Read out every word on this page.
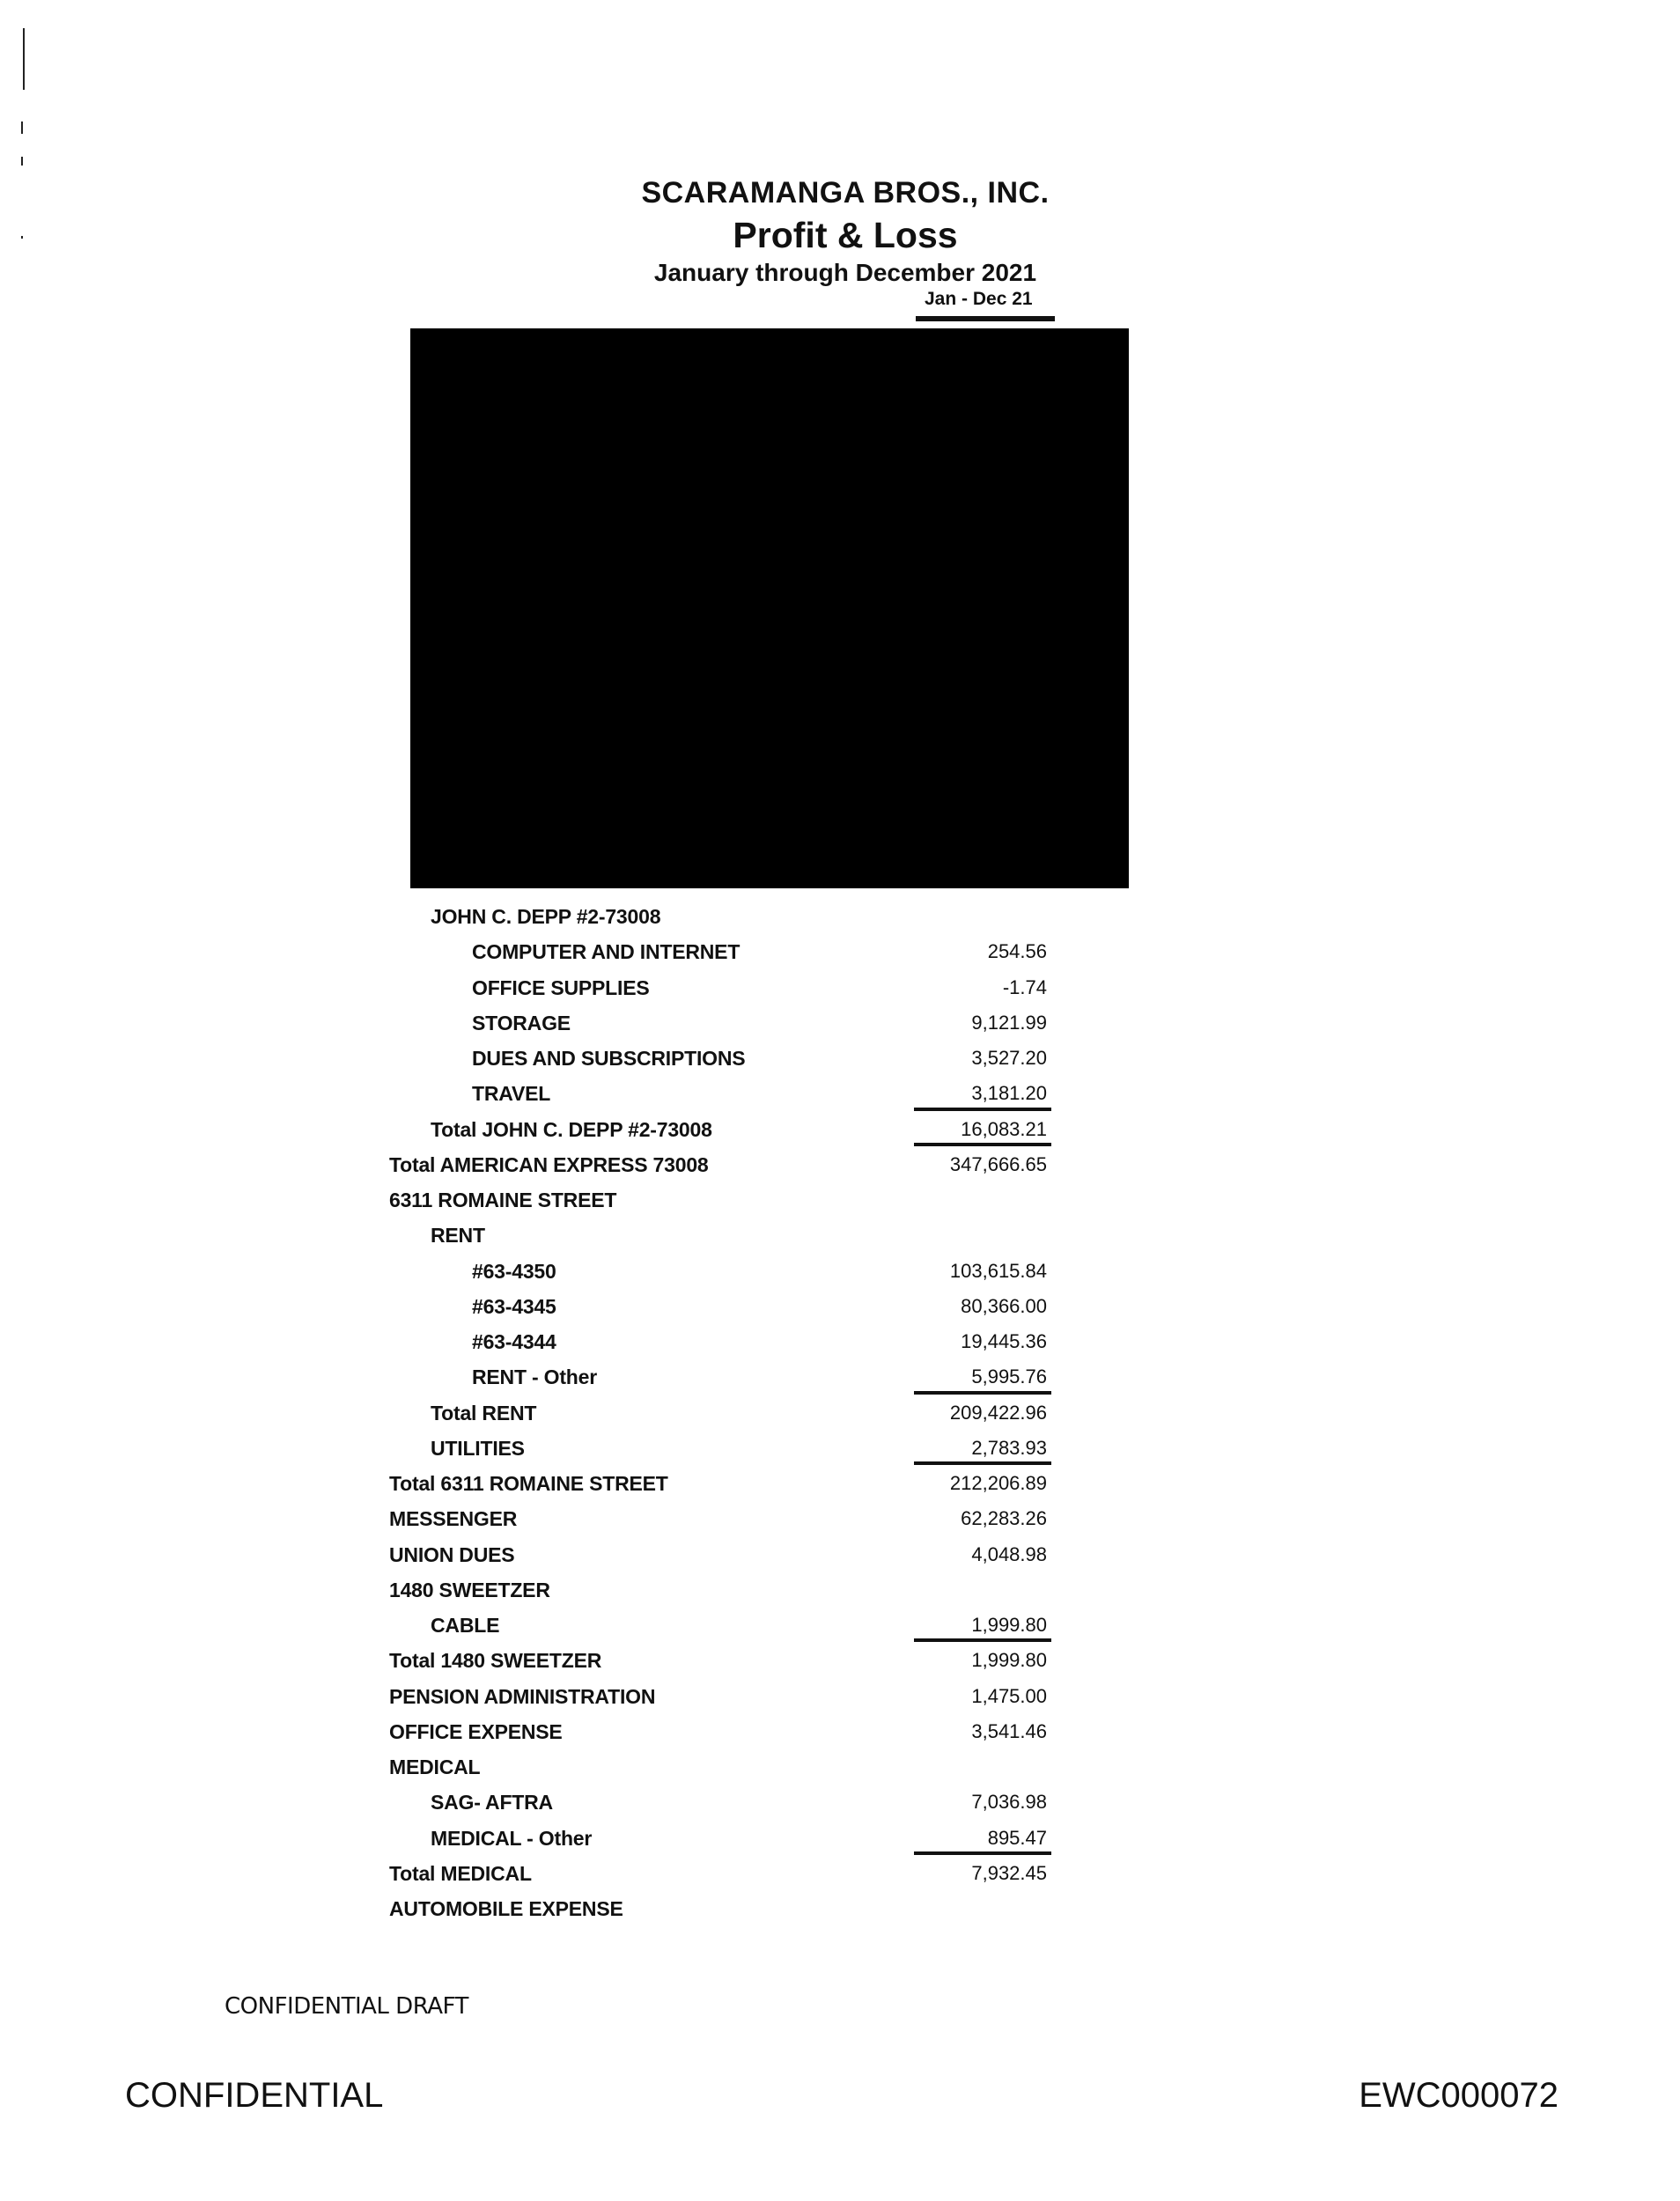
SCARAMANGA BROS., INC.
Profit & Loss
January through December 2021
Jan - Dec 21
JOHN C. DEPP #2-73008
COMPUTER AND INTERNET	254.56
OFFICE SUPPLIES	-1.74
STORAGE	9,121.99
DUES AND SUBSCRIPTIONS	3,527.20
TRAVEL	3,181.20
Total JOHN C. DEPP #2-73008	16,083.21
Total AMERICAN EXPRESS 73008	347,666.65
6311 ROMAINE STREET
RENT
#63-4350	103,615.84
#63-4345	80,366.00
#63-4344	19,445.36
RENT - Other	5,995.76
Total RENT	209,422.96
UTILITIES	2,783.93
Total 6311 ROMAINE STREET	212,206.89
MESSENGER	62,283.26
UNION DUES	4,048.98
1480 SWEETZER
CABLE	1,999.80
Total 1480 SWEETZER	1,999.80
PENSION ADMINISTRATION	1,475.00
OFFICE EXPENSE	3,541.46
MEDICAL
SAG- AFTRA	7,036.98
MEDICAL - Other	895.47
Total MEDICAL	7,932.45
AUTOMOBILE EXPENSE
CONFIDENTIAL DRAFT
CONFIDENTIAL	EWC000072
